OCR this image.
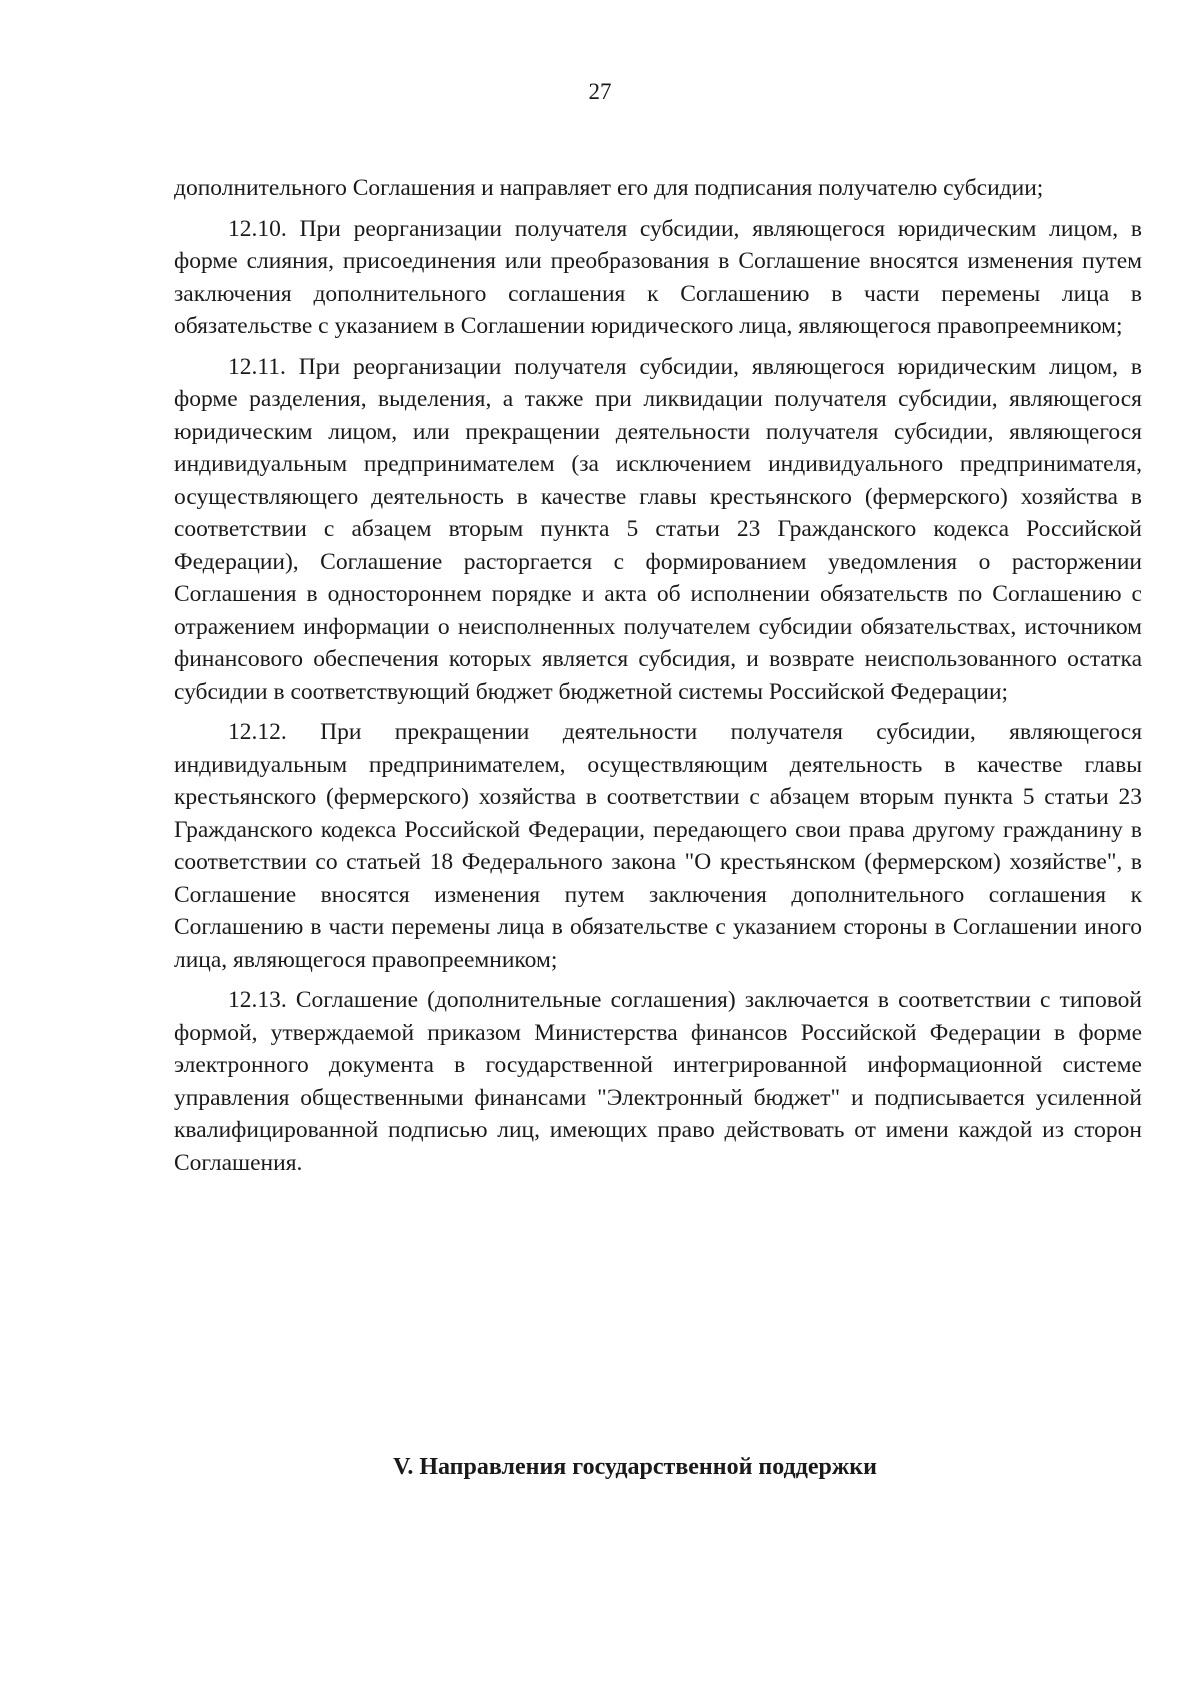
27

дополнительного Соглашения и направляет его для подписания получателю субсидии;

12.10. При реорганизации получателя субсидии, являющегося юридическим лицом, в форме слияния, присоединения или преобразования в Соглашение вносятся изменения путем заключения дополнительного соглашения к Соглашению в части перемены лица в обязательстве с указанием в Соглашении юридического лица, являющегося правопреемником;

12.11. При реорганизации получателя субсидии, являющегося юридическим лицом, в форме разделения, выделения, а также при ликвидации получателя субсидии, являющегося юридическим лицом, или прекращении деятельности получателя субсидии, являющегося индивидуальным предпринимателем (за исключением индивидуального предпринимателя, осуществляющего деятельность в качестве главы крестьянского (фермерского) хозяйства в соответствии с абзацем вторым пункта 5 статьи 23 Гражданского кодекса Российской Федерации), Соглашение расторгается с формированием уведомления о расторжении Соглашения в одностороннем порядке и акта об исполнении обязательств по Соглашению с отражением информации о неисполненных получателем субсидии обязательствах, источником финансового обеспечения которых является субсидия, и возврате неиспользованного остатка субсидии в соответствующий бюджет бюджетной системы Российской Федерации;

12.12. При прекращении деятельности получателя субсидии, являющегося индивидуальным предпринимателем, осуществляющим деятельность в качестве главы крестьянского (фермерского) хозяйства в соответствии с абзацем вторым пункта 5 статьи 23 Гражданского кодекса Российской Федерации, передающего свои права другому гражданину в соответствии со статьей 18 Федерального закона "О крестьянском (фермерском) хозяйстве", в Соглашение вносятся изменения путем заключения дополнительного соглашения к Соглашению в части перемены лица в обязательстве с указанием стороны в Соглашении иного лица, являющегося правопреемником;

12.13. Соглашение (дополнительные соглашения) заключается в соответствии с типовой формой, утверждаемой приказом Министерства финансов Российской Федерации в форме электронного документа в государственной интегрированной информационной системе управления общественными финансами "Электронный бюджет" и подписывается усиленной квалифицированной подписью лиц, имеющих право действовать от имени каждой из сторон Соглашения.

V. Направления государственной поддержки
